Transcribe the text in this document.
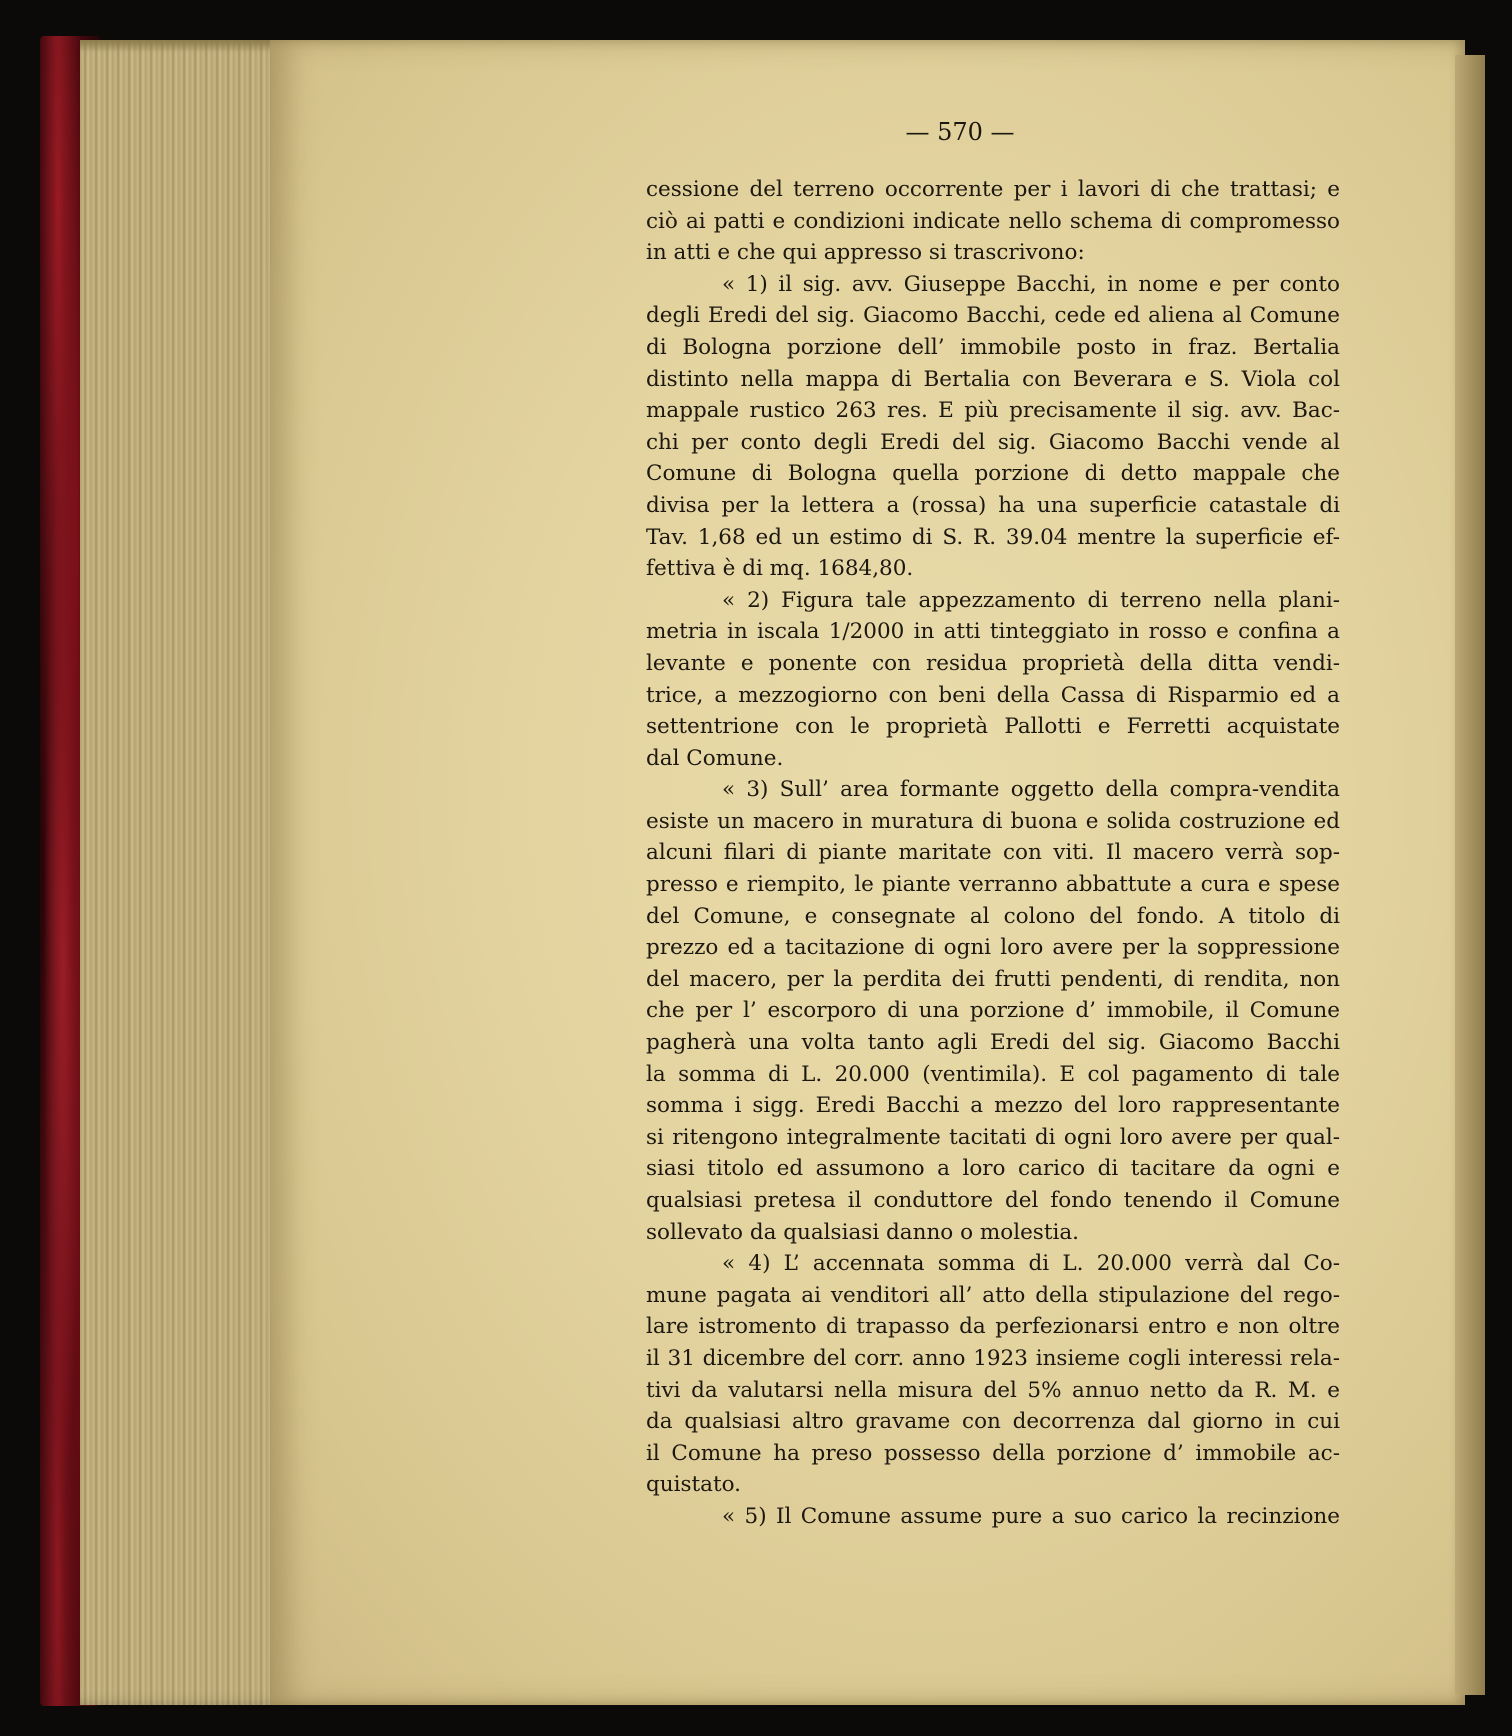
— 570 —
cessione del terreno occorrente per i lavori di che trattasi; e
ciò ai patti e condizioni indicate nello schema di compromesso
in atti e che qui appresso si trascrivono:
« 1) il sig. avv. Giuseppe Bacchi, in nome e per conto
degli Eredi del sig. Giacomo Bacchi, cede ed aliena al Comune
di Bologna porzione dell’ immobile posto in fraz. Bertalia
distinto nella mappa di Bertalia con Beverara e S. Viola col
mappale rustico 263 res. E più precisamente il sig. avv. Bac-
chi per conto degli Eredi del sig. Giacomo Bacchi vende al
Comune di Bologna quella porzione di detto mappale che
divisa per la lettera a (rossa) ha una superficie catastale di
Tav. 1,68 ed un estimo di S. R. 39.04 mentre la superficie ef-
fettiva è di mq. 1684,80.
« 2) Figura tale appezzamento di terreno nella plani-
metria in iscala 1/2000 in atti tinteggiato in rosso e confina a
levante e ponente con residua proprietà della ditta vendi-
trice, a mezzogiorno con beni della Cassa di Risparmio ed a
settentrione con le proprietà Pallotti e Ferretti acquistate
dal Comune.
« 3) Sull’ area formante oggetto della compra-vendita
esiste un macero in muratura di buona e solida costruzione ed
alcuni filari di piante maritate con viti. Il macero verrà sop-
presso e riempito, le piante verranno abbattute a cura e spese
del Comune, e consegnate al colono del fondo. A titolo di
prezzo ed a tacitazione di ogni loro avere per la soppressione
del macero, per la perdita dei frutti pendenti, di rendita, non
che per l’ escorporo di una porzione d’ immobile, il Comune
pagherà una volta tanto agli Eredi del sig. Giacomo Bacchi
la somma di L. 20.000 (ventimila). E col pagamento di tale
somma i sigg. Eredi Bacchi a mezzo del loro rappresentante
si ritengono integralmente tacitati di ogni loro avere per qual-
siasi titolo ed assumono a loro carico di tacitare da ogni e
qualsiasi pretesa il conduttore del fondo tenendo il Comune
sollevato da qualsiasi danno o molestia.
« 4) L’ accennata somma di L. 20.000 verrà dal Co-
mune pagata ai venditori all’ atto della stipulazione del rego-
lare istromento di trapasso da perfezionarsi entro e non oltre
il 31 dicembre del corr. anno 1923 insieme cogli interessi rela-
tivi da valutarsi nella misura del 5% annuo netto da R. M. e
da qualsiasi altro gravame con decorrenza dal giorno in cui
il Comune ha preso possesso della porzione d’ immobile ac-
quistato.
« 5) Il Comune assume pure a suo carico la recinzione
